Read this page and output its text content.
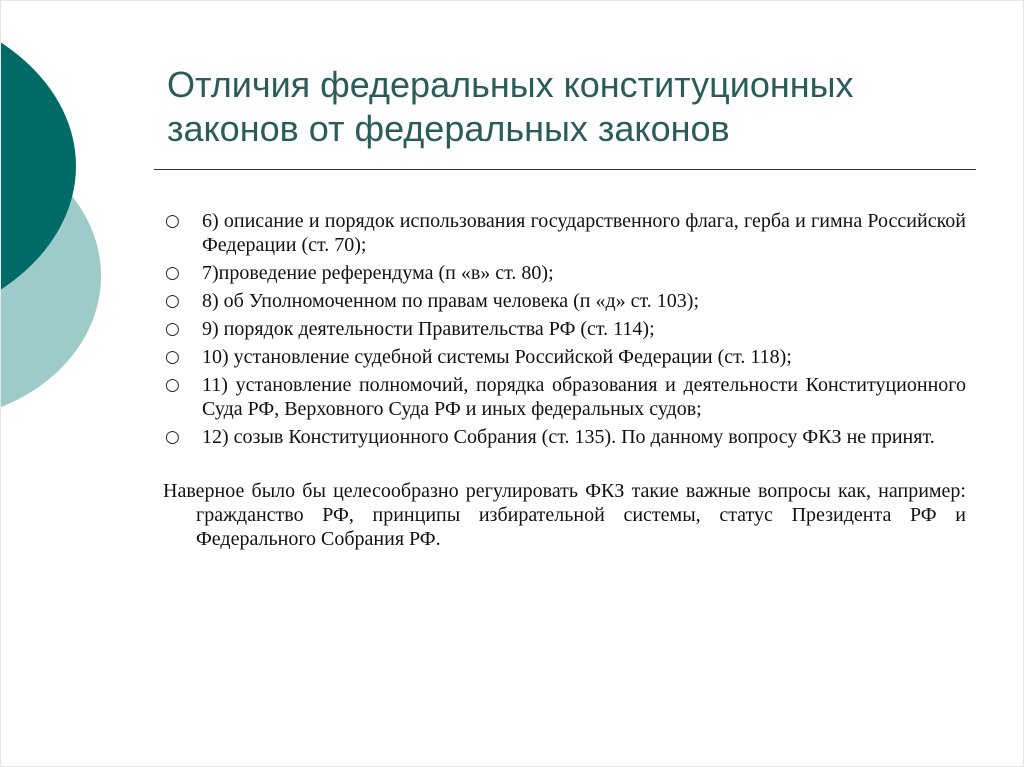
Отличия федеральных конституционных
законов от федеральных законов
○ 6) описание и порядок использования государственного флага, герба и гимна Российской Федерации (ст. 70);
○ 7)проведение референдума (п «в» ст. 80);
○ 8) об Уполномоченном по правам человека (п «д» ст. 103);
○ 9) порядок деятельности Правительства РФ (ст. 114);
○ 10) установление судебной системы Российской Федерации (ст. 118);
○ 11) установление полномочий, порядка образования и деятельности Конституционного Суда РФ, Верховного Суда РФ и иных федеральных судов;
○ 12) созыв Конституционного Собрания (ст. 135). По данному вопросу ФКЗ не принят.

Наверное было бы целесообразно регулировать ФКЗ такие важные вопросы как, например: гражданство РФ, принципы избирательной системы, статус Президента РФ и Федерального Собрания РФ.
